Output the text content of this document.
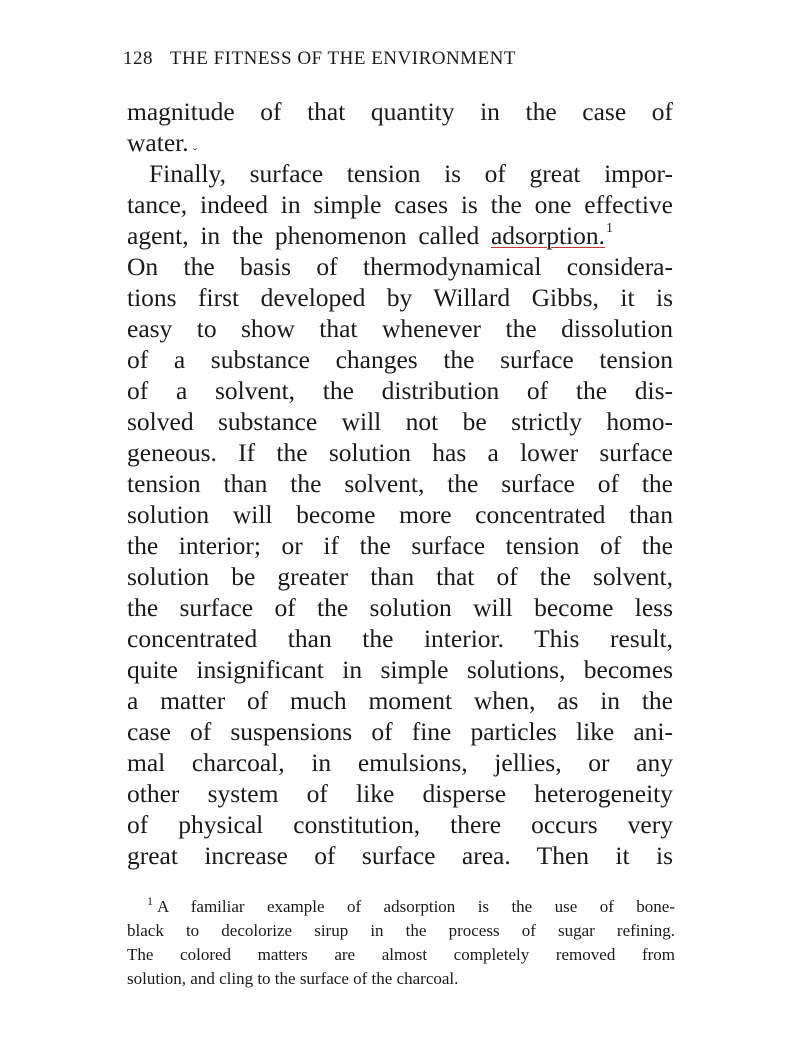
128 THE FITNESS OF THE ENVIRONMENT
magnitude of that quantity in the case of
water. ˬ
Finally, surface tension is of great impor-
tance, indeed in simple cases is the one effective
agent, in the phenomenon called adsorption.$^1$
On the basis of thermodynamical considera-
tions first developed by Willard Gibbs, it is
easy to show that whenever the dissolution
of a substance changes the surface tension
of a solvent, the distribution of the dis-
solved substance will not be strictly homo-
geneous. If the solution has a lower surface
tension than the solvent, the surface of the
solution will become more concentrated than
the interior; or if the surface tension of the
solution be greater than that of the solvent,
the surface of the solution will become less
concentrated than the interior. This result,
quite insignificant in simple solutions, becomes
a matter of much moment when, as in the
case of suspensions of fine particles like ani-
mal charcoal, in emulsions, jellies, or any
other system of like disperse heterogeneity
of physical constitution, there occurs very
great increase of surface area. Then it is
$^1$ A familiar example of adsorption is the use of bone-
black to decolorize sirup in the process of sugar refining.
The colored matters are almost completely removed from
solution, and cling to the surface of the charcoal.
